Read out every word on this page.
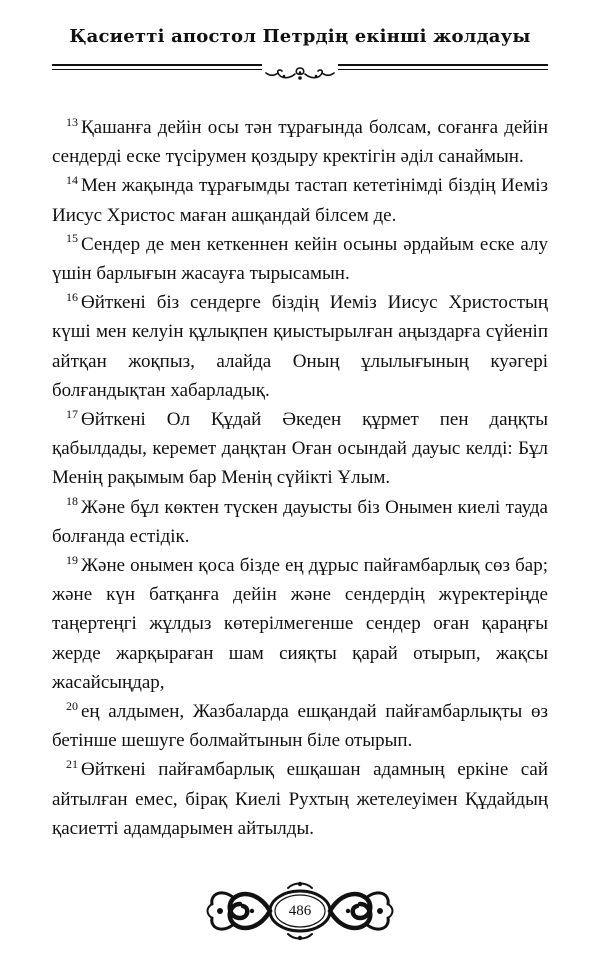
Қасиетті апостол Петрдің екінші жолдауы

$^{13}$ Қашанға дейін осы тән тұрағында болсам, соғанға дейін сендерді еске түсірумен қоздыру кректігін әділ санаймын.

$^{14}$ Мен жақында тұрағымды тастап кететінімді біздің Иеміз Иисус Христос маған ашқандай білсем де.

$^{15}$ Сендер де мен кеткеннен кейін осыны әрдайым еске алу үшін барлығын жасауға тырысамын.

$^{16}$ Өйткені біз сендерге біздің Иеміз Иисус Христостың күші мен келуін құлықпен қиыстырылған аңыздарға сүйеніп айтқан жоқпыз, алайда Оның ұлылығының куәгері болғандықтан хабарладық.

$^{17}$ Өйткені Ол Құдай Әкеден құрмет пен даңқты қабылдады, керемет даңқтан Оған осындай дауыс келді: Бұл Менің рақымым бар Менің сүйікті Ұлым.

$^{18}$ Және бұл көктен түскен дауысты біз Онымен киелі тауда болғанда естідік.

$^{19}$ Және онымен қоса бізде ең дұрыс пайғамбарлық сөз бар; және күн батқанға дейін және сендердің жүректеріңде таңертеңгі жұлдыз көтерілмегенше сендер оған қараңғы жерде жарқыраған шам сияқты қарай отырып, жақсы жасайсыңдар,

$^{20}$ ең алдымен, Жазбаларда ешқандай пайғамбарлықты өз бетінше шешуге болмайтынын біле отырып.

$^{21}$ Өйткені пайғамбарлық ешқашан адамның еркіне сай айтылған емес, бірақ Киелі Рухтың жетелеуімен Құдайдың қасиетті адамдарымен айтылды.

486
